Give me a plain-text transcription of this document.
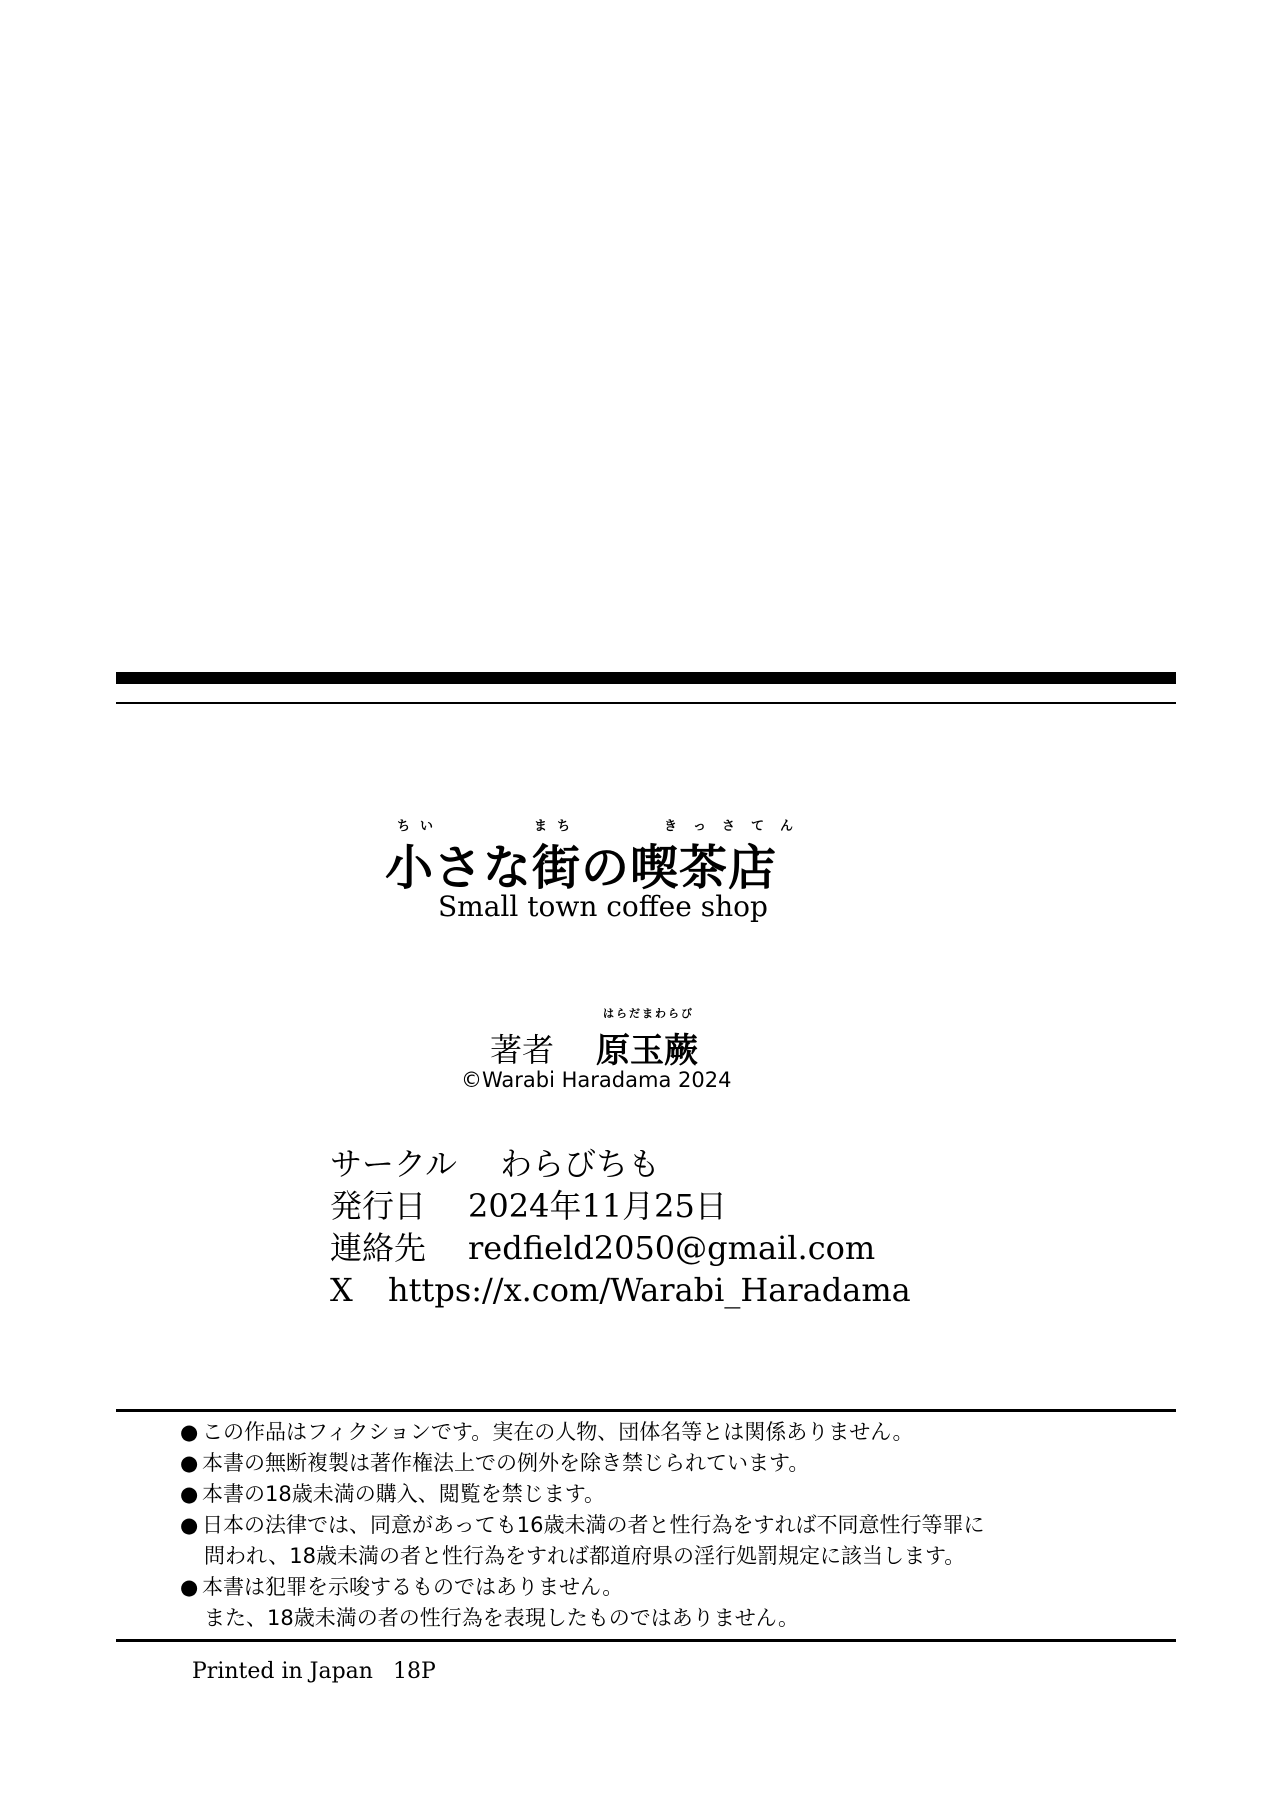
ちい	まち	きっさてん
小さな街の喫茶店
Small town coffee shop
著者
はらだまわらび
原玉蕨
©Warabi Haradama 2024
サークル	わらびちも
発行日	2024年11月25日
連絡先	redfield2050@gmail.com
X	https://x.com/Warabi_Haradama
● この作品はフィクションです。実在の人物、団体名等とは関係ありません。
● 本書の無断複製は著作権法上での例外を除き禁じられています。
● 本書の18歳未満の購入、閲覧を禁じます。
● 日本の法律では、同意があっても16歳未満の者と性行為をすれば不同意性行等罪に
問われ、18歳未満の者と性行為をすれば都道府県の淫行処罰規定に該当します。
● 本書は犯罪を示唆するものではありません。
また、18歳未満の者の性行為を表現したものではありません。
Printed in Japan 18P
